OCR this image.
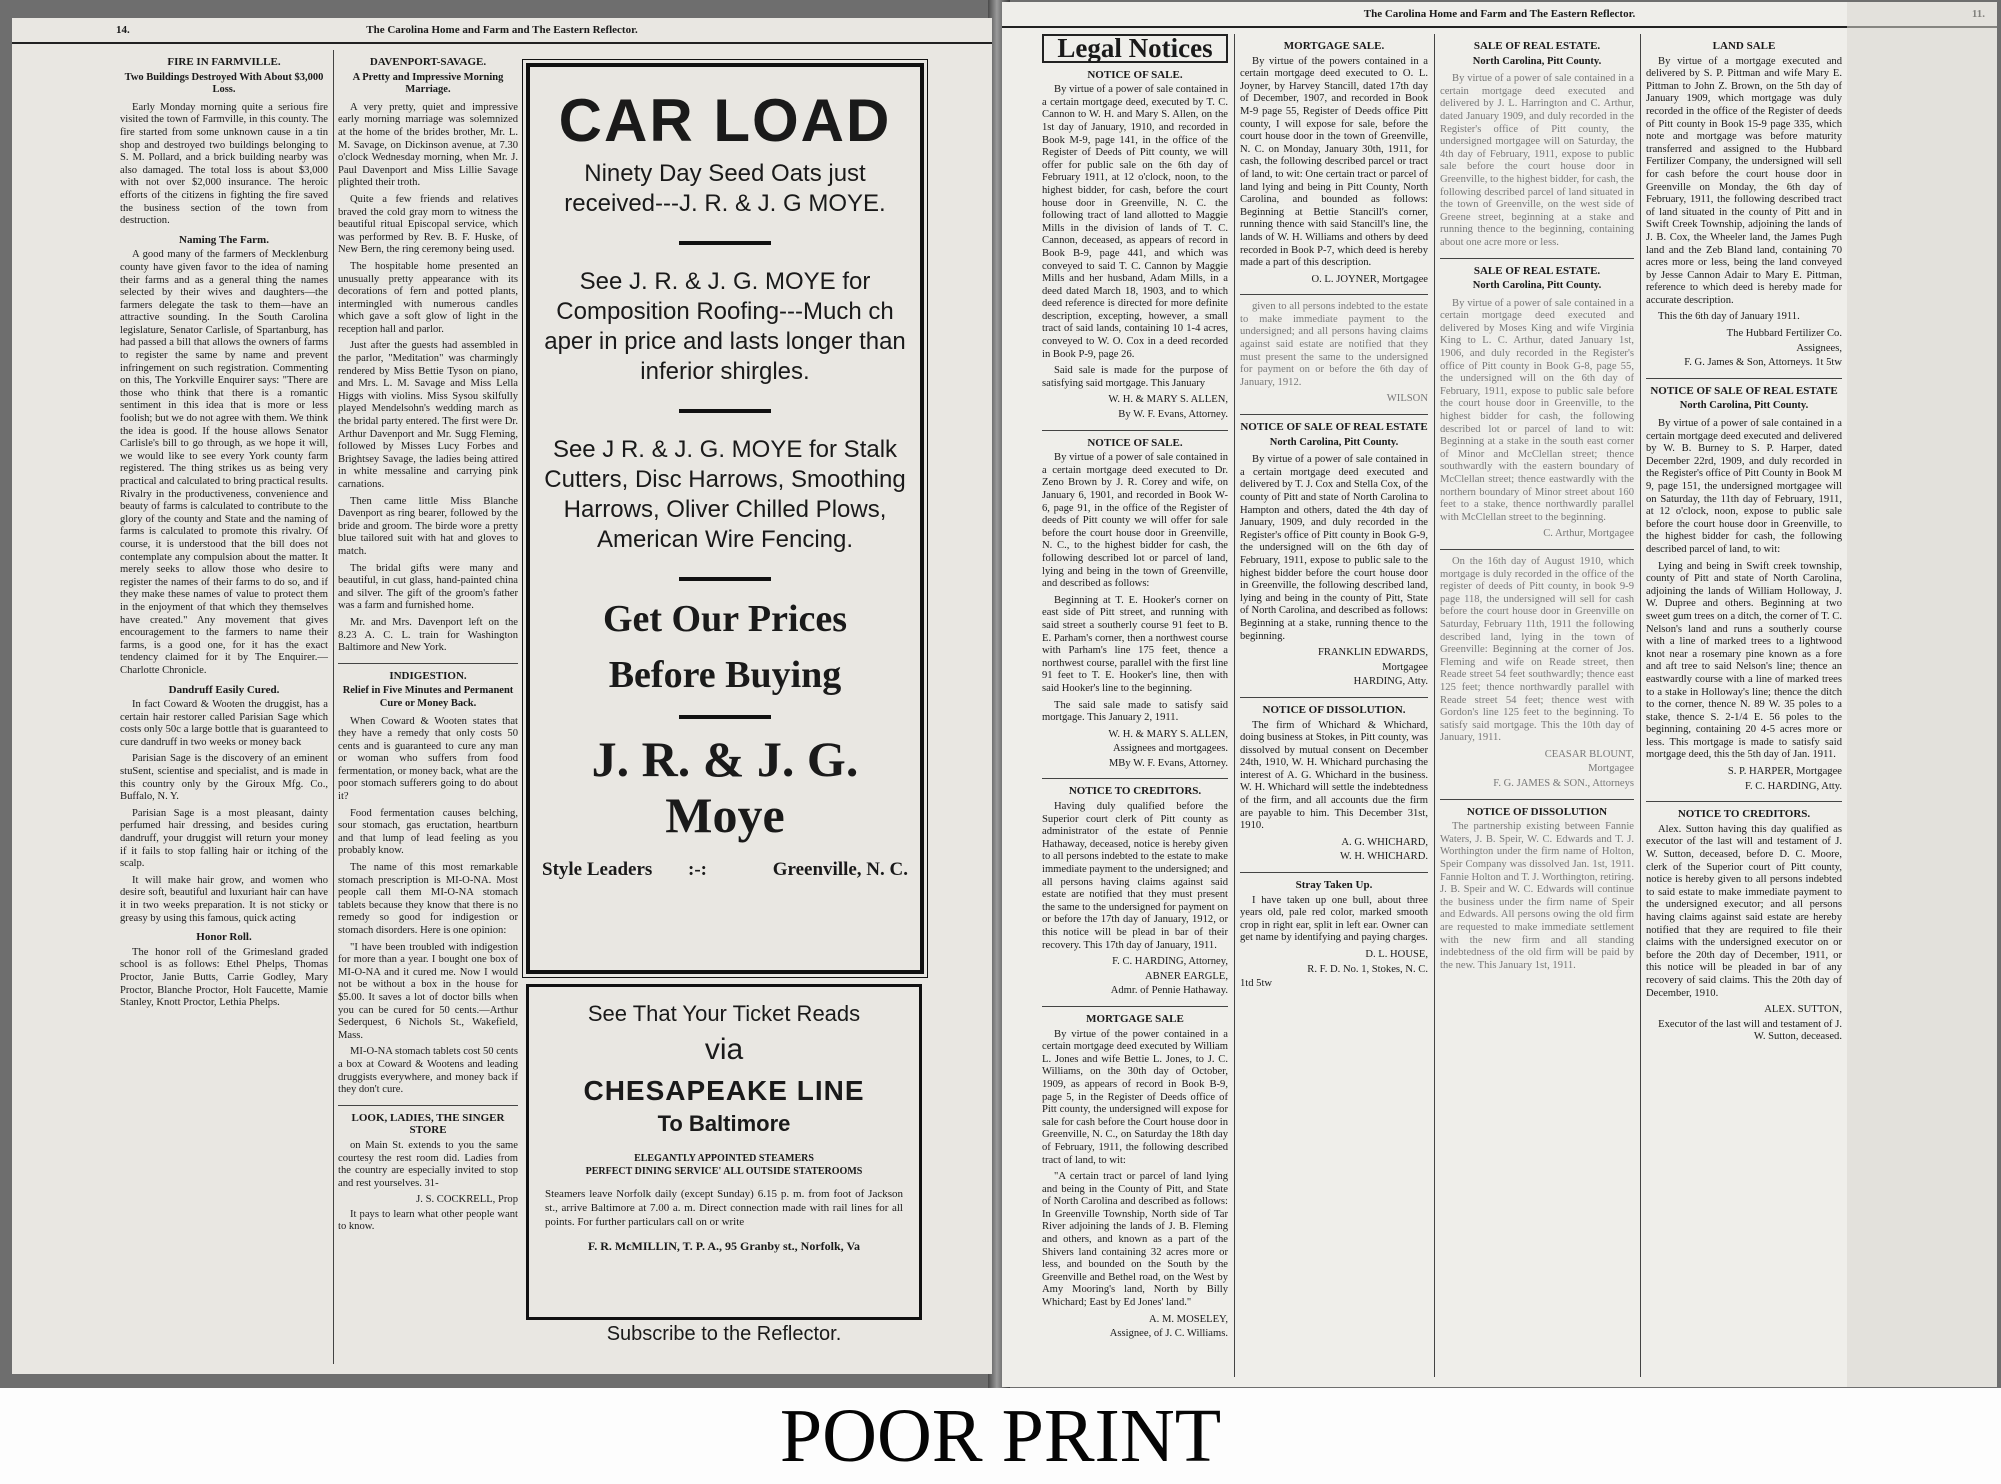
14.	The Carolina Home and Farm and The Eastern Reflector.
FIRE IN FARMVILLE.
Two Buildings Destroyed With About $3,000 Loss.

Early Monday morning quite a serious fire visited the town of Farmville, in this county. The fire started from some unknown cause in a tin shop and destroyed two buildings belonging to S. M. Pollard, and a brick building nearby was also damaged. The total loss is about $3,000 with not over $2,000 insurance. The heroic efforts of the citizens in fighting the fire saved the business section of the town from destruction.

Naming The Farm.

A good many of the farmers of Mecklenburg county have given favor to the idea of naming their farms and as a general thing the names selected by their wives and daughters—the farmers delegate the task to them—have an attractive sounding. In the South Carolina legislature, Senator Carlisle, of Spartanburg, has had passed a bill that allows the owners of farms to register the same by name and prevent infringement on such registration. Commenting on this, The Yorkville Enquirer says: "There are those who think that there is a romantic sentiment in this idea that is more or less foolish; but we do not agree with them. We think the idea is good. If the house allows Senator Carlisle's bill to go through, as we hope it will, we would like to see every York county farm registered. The thing strikes us as being very practical and calculated to bring practical results. Rivalry in the productiveness, convenience and beauty of farms is calculated to contribute to the glory of the county and State and the naming of farms is calculated to promote this rivalry. Of course, it is understood that the bill does not contemplate any compulsion about the matter. It merely seeks to allow those who desire to register the names of their farms to do so, and if they make these names of value to protect them in the enjoyment of that which they themselves have created." Any movement that gives encouragement to the farmers to name their farms, is a good one, for it has the exact tendency claimed for it by The Enquirer.—Charlotte Chronicle.

Dandruff Easily Cured.

In fact Coward & Wooten the druggist, has a certain hair restorer called Parisian Sage which costs only 50c a large bottle that is guaranteed to cure dandruff in two weeks or money back

Parisian Sage is the discovery of an eminent stuSent, scientise and specialist, and is made in this country only by the Giroux Mfg. Co., Buffalo, N. Y.

Parisian Sage is a most pleasant, dainty perfumed hair dressing, and besides curing dandruff, your druggist will return your money if it fails to stop falling hair or itching of the scalp.

It will make hair grow, and women who desire soft, beautiful and luxuriant hair can have it in two weeks preparation. It is not sticky or greasy by using this famous, quick acting

Honor Roll.

The honor roll of the Grimesland graded school is as follows: Ethel Phelps, Thomas Proctor, Janie Butts, Carrie Godley, Mary Proctor, Blanche Proctor, Holt Faucette, Mamie Stanley, Knott Proctor, Lethia Phelps.

DAVENPORT-SAVAGE.
A Pretty and Impressive Morning Marriage.

A very pretty, quiet and impressive early morning marriage was solemnized at the home of the brides brother, Mr. L. M. Savage, on Dickinson avenue, at 7.30 o'clock Wednesday morning, when Mr. J. Paul Davenport and Miss Lillie Savage plighted their troth.

Quite a few friends and relatives braved the cold gray morn to witness the beautiful ritual Episcopal service, which was performed by Rev. B. F. Huske, of New Bern, the ring ceremony being used.

The hospitable home presented an unusually pretty appearance with its decorations of fern and potted plants, intermingled with numerous candles which gave a soft glow of light in the reception hall and parlor.

Just after the guests had assembled in the parlor, "Meditation" was charmingly rendered by Miss Bettie Tyson on piano, and Mrs. L. M. Savage and Miss Lella Higgs with violins. Miss Sysou skilfully played Mendelsohn's wedding march as the bridal party entered. The first were Dr. Arthur Davenport and Mr. Sugg Fleming, followed by Misses Lucy Forbes and Brightsey Savage, the ladies being attired in white messaline and carrying pink carnations.

Then came little Miss Blanche Davenport as ring bearer, followed by the bride and groom. The birde wore a pretty blue tailored suit with hat and gloves to match.

The bridal gifts were many and beautiful, in cut glass, hand-painted china and silver. The gift of the groom's father was a farm and furnished home.

Mr. and Mrs. Davenport left on the 8.23 A. C. L. train for Washington Baltimore and New York.

INDIGESTION.
Relief in Five Minutes and Permanent Cure or Money Back.

When Coward & Wooten states that they have a remedy that only costs 50 cents and is guaranteed to cure any man or woman who suffers from food fermentation, or money back, what are the poor stomach sufferers going to do about it?

Food fermentation causes belching, sour stomach, gas eructation, heartburn and that lump of lead feeling as you probably know.

The name of this most remarkable stomach prescription is MI-O-NA. Most people call them MI-O-NA stomach tablets because they know that there is no remedy so good for indigestion or stomach disorders. Here is one opinion:

"I have been troubled with indigestion for more than a year. I bought one box of MI-O-NA and it cured me. Now I would not be without a box in the house for $5.00. It saves a lot of doctor bills when you can be cured for 50 cents.—Arthur Sederquest, 6 Nichols St., Wakefield, Mass.

MI-O-NA stomach tablets cost 50 cents a box at Coward & Wootens and leading druggists everywhere, and money back if they don't cure.

LOOK, LADIES, THE SINGER STORE

on Main St. extends to you the same courtesy the rest room did. Ladies from the country are especially invited to stop and rest yourselves. 31-

J. S. COCKRELL, Prop

It pays to learn what other people want to know.

CAR LOAD
Ninety Day Seed Oats just received---J. R. & J. G MOYE.
See J. R. & J. G. MOYE for Composition Roofing---Much ch aper in price and lasts longer than inferior shirgles.
See J R. & J. G. MOYE for Stalk Cutters, Disc Harrows, Smoothing Harrows, Oliver Chilled Plows, American Wire Fencing.
Get Our Prices
Before Buying
J. R. & J. G. Moye
Style Leaders :-:	Greenville, N. C.
See That Your Ticket Reads
via
CHESAPEAKE LINE
To Baltimore
ELEGANTLY APPOINTED STEAMERS
PERFECT DINING SERVICE' ALL OUTSIDE STATEROOMS
Steamers leave Norfolk daily (except Sunday) 6.15 p. m. from foot of Jackson st., arrive Baltimore at 7.00 a. m. Direct connection made with rail lines for all points. For further particulars call on or write
F. R. McMILLIN, T. P. A., 95 Granby st., Norfolk, Va
Subscribe to the Reflector.
The Carolina Home and Farm and The Eastern Reflector.
Legal Notices
NOTICE OF SALE.

By virtue of a power of sale contained in a certain mortgage deed, executed by T. C. Cannon to W. H. and Mary S. Allen, on the 1st day of January, 1910, and recorded in Book M-9, page 141, in the office of the Register of Deeds of Pitt county, we will offer for public sale on the 6th day of February 1911, at 12 o'clock, noon, to the highest bidder, for cash, before the court house door in Greenville, N. C. the following tract of land allotted to Maggie Mills in the division of lands of T. C. Cannon, deceased, as appears of record in Book B-9, page 441, and which was conveyed to said T. C. Cannon by Maggie Mills and her husband, Adam Mills, in a deed dated March 18, 1903, and to which deed reference is directed for more definite description, excepting, however, a small tract of said lands, containing 10 1-4 acres, conveyed to W. O. Cox in a deed recorded in Book P-9, page 26.

Said sale is made for the purpose of satisfying said mortgage. This January

W. H. & MARY S. ALLEN,

By W. F. Evans, Attorney.

NOTICE OF SALE.

By virtue of a power of sale contained in a certain mortgage deed executed to Dr. Zeno Brown by J. R. Corey and wife, on January 6, 1901, and recorded in Book W-6, page 91, in the office of the Register of deeds of Pitt county we will offer for sale before the court house door in Greenville, N. C., to the highest bidder for cash, the following described lot or parcel of land, lying and being in the town of Greenville, and described as follows:

Beginning at T. E. Hooker's corner on east side of Pitt street, and running with said street a southerly course 91 feet to B. E. Parham's corner, then a northwest course with Parham's line 175 feet, thence a northwest course, parallel with the first line 91 feet to T. E. Hooker's line, then with said Hooker's line to the beginning.

The said sale made to satisfy said mortgage. This January 2, 1911.

W. H. & MARY S. ALLEN,

Assignees and mortgagees.

MBy W. F. Evans, Attorney.

NOTICE TO CREDITORS.

Having duly qualified before the Superior court clerk of Pitt county as administrator of the estate of Pennie Hathaway, deceased, notice is hereby given to all persons indebted to the estate to make immediate payment to the undersigned; and all persons having claims against said estate are notified that they must present the same to the undersigned for payment on or before the 17th day of January, 1912, or this notice will be plead in bar of their recovery. This 17th day of January, 1911.

F. C. HARDING, Attorney,

ABNER EARGLE,

Admr. of Pennie Hathaway.

MORTGAGE SALE

By virtue of the power contained in a certain mortgage deed executed by William L. Jones and wife Bettie L. Jones, to J. C. Williams, on the 30th day of October, 1909, as appears of record in Book B-9, page 5, in the Register of Deeds office of Pitt county, the undersigned will expose for sale for cash before the Court house door in Greenville, N. C., on Saturday the 18th day of February, 1911, the following described tract of land, to wit:

"A certain tract or parcel of land lying and being in the County of Pitt, and State of North Carolina and described as follows: In Greenville Township, North side of Tar River adjoining the lands of J. B. Fleming and others, and known as a part of the Shivers land containing 32 acres more or less, and bounded on the South by the Greenville and Bethel road, on the West by Amy Mooring's land, North by Billy Whichard; East by Ed Jones' land."

A. M. MOSELEY,

Assignee, of J. C. Williams.

MORTGAGE SALE.

By virtue of the powers contained in a certain mortgage deed executed to O. L. Joyner, by Harvey Stancill, dated 17th day of December, 1907, and recorded in Book M-9 page 55, Register of Deeds office Pitt county, I will expose for sale, before the court house door in the town of Greenville, N. C. on Monday, January 30th, 1911, for cash, the following described parcel or tract of land, to wit: One certain tract or parcel of land lying and being in Pitt County, North Carolina, and bounded as follows: Beginning at Bettie Stancill's corner, running thence with said Stancill's line, the lands of W. H. Williams and others by deed recorded in Book P-7, which deed is hereby made a part of this description.

O. L. JOYNER, Mortgagee

given to all persons indebted to the estate to make immediate payment to the undersigned; and all persons having claims against said estate are notified that they must present the same to the undersigned for payment on or before the 6th day of January, 1912.

WILSON

NOTICE OF SALE OF REAL ESTATE
North Carolina, Pitt County.

By virtue of a power of sale contained in a certain mortgage deed executed and delivered by T. J. Cox and Stella Cox, of the county of Pitt and state of North Carolina to Hampton and others, dated the 4th day of January, 1909, and duly recorded in the Register's office of Pitt county in Book G-9, the undersigned will on the 6th day of February, 1911, expose to public sale to the highest bidder before the court house door in Greenville, the following described land, lying and being in the county of Pitt, State of North Carolina, and described as follows: Beginning at a stake, running thence to the beginning.

FRANKLIN EDWARDS,

Mortgagee

HARDING, Atty.

NOTICE OF DISSOLUTION.

The firm of Whichard & Whichard, doing business at Stokes, in Pitt county, was dissolved by mutual consent on December 24th, 1910, W. H. Whichard purchasing the interest of A. G. Whichard in the business. W. H. Whichard will settle the indebtedness of the firm, and all accounts due the firm are payable to him. This December 31st, 1910.

A. G. WHICHARD,

W. H. WHICHARD.

Stray Taken Up.

I have taken up one bull, about three years old, pale red color, marked smooth crop in right ear, split in left ear. Owner can get name by identifying and paying charges.

D. L. HOUSE,

R. F. D. No. 1, Stokes, N. C.

1td 5tw

SALE OF REAL ESTATE.
North Carolina, Pitt County.

By virtue of a power of sale contained in a certain mortgage deed executed and delivered by J. L. Harrington and C. Arthur, dated January 1909, and duly recorded in the Register's office of Pitt county, the undersigned mortgagee will on Saturday, the 4th day of February, 1911, expose to public sale before the court house door in Greenville, to the highest bidder, for cash, the following described parcel of land situated in the town of Greenville, on the west side of Greene street, beginning at a stake and running thence to the beginning, containing about one acre more or less.

SALE OF REAL ESTATE.
North Carolina, Pitt County.

By virtue of a power of sale contained in a certain mortgage deed executed and delivered by Moses King and wife Virginia King to L. C. Arthur, dated January 1st, 1906, and duly recorded in the Register's office of Pitt county in Book G-8, page 55, the undersigned will on the 6th day of February, 1911, expose to public sale before the court house door in Greenville, to the highest bidder for cash, the following described lot or parcel of land to wit: Beginning at a stake in the south east corner of Minor and McClellan street; thence southwardly with the eastern boundary of McClellan street; thence eastwardly with the northern boundary of Minor street about 160 feet to a stake, thence northwardly parallel with McClellan street to the beginning.

C. Arthur, Mortgagee

On the 16th day of August 1910, which mortgage is duly recorded in the office of the register of deeds of Pitt county, in book 9-9 page 118, the undersigned will sell for cash before the court house door in Greenville on Saturday, February 11th, 1911 the following described land, lying in the town of Greenville: Beginning at the corner of Jos. Fleming and wife on Reade street, then Reade street 54 feet southwardly; thence east 125 feet; thence northwardly parallel with Reade street 54 feet; thence west with Gordon's line 125 feet to the beginning. To satisfy said mortgage. This the 10th day of January, 1911.

CEASAR BLOUNT,

Mortgagee

F. G. JAMES & SON., Attorneys

NOTICE OF DISSOLUTION

The partnership existing between Fannie Waters, J. B. Speir, W. C. Edwards and T. J. Worthington under the firm name of Holton, Speir Company was dissolved Jan. 1st, 1911. Fannie Holton and T. J. Worthington, retiring. J. B. Speir and W. C. Edwards will continue the business under the firm name of Speir and Edwards. All persons owing the old firm are requested to make immediate settlement with the new firm and all standing indebtedness of the old firm will be paid by the new. This January 1st, 1911.

LAND SALE

By virtue of a mortgage executed and delivered by S. P. Pittman and wife Mary E. Pittman to John Z. Brown, on the 5th day of January 1909, which mortgage was duly recorded in the office of the Register of deeds of Pitt county in Book 15-9 page 335, which note and mortgage was before maturity transferred and assigned to the Hubbard Fertilizer Company, the undersigned will sell for cash before the court house door in Greenville on Monday, the 6th day of February, 1911, the following described tract of land situated in the county of Pitt and in Swift Creek Township, adjoining the lands of J. B. Cox, the Wheeler land, the James Pugh land and the Zeb Bland land, containing 70 acres more or less, being the land conveyed by Jesse Cannon Adair to Mary E. Pittman, reference to which deed is hereby made for accurate description.

This the 6th day of January 1911.

The Hubbard Fertilizer Co.

Assignees,

F. G. James & Son, Attorneys. 1t 5tw

NOTICE OF SALE OF REAL ESTATE
North Carolina, Pitt County.

By virtue of a power of sale contained in a certain mortgage deed executed and delivered by W. B. Burney to S. P. Harper, dated December 22rd, 1909, and duly recorded in the Register's office of Pitt County in Book M 9, page 151, the undersigned mortgagee will on Saturday, the 11th day of February, 1911, at 12 o'clock, noon, expose to public sale before the court house door in Greenville, to the highest bidder for cash, the following described parcel of land, to wit:

Lying and being in Swift creek township, county of Pitt and state of North Carolina, adjoining the lands of William Holloway, J. W. Dupree and others. Beginning at two sweet gum trees on a ditch, the corner of T. C. Nelson's land and runs a southerly course with a line of marked trees to a lightwood knot near a rosemary pine known as a fore and aft tree to said Nelson's line; thence an eastwardly course with a line of marked trees to a stake in Holloway's line; thence the ditch to the corner, thence N. 89 W. 35 poles to a stake, thence S. 2-1/4 E. 56 poles to the beginning, containing 20 4-5 acres more or less. This mortgage is made to satisfy said mortgage deed, this the 5th day of Jan. 1911.

S. P. HARPER, Mortgagee

F. C. HARDING, Atty.

NOTICE TO CREDITORS.

Alex. Sutton having this day qualified as executor of the last will and testament of J. W. Sutton, deceased, before D. C. Moore, clerk of the Superior court of Pitt county, notice is hereby given to all persons indebted to said estate to make immediate payment to the undersigned executor; and all persons having claims against said estate are hereby notified that they are required to file their claims with the undersigned executor on or before the 20th day of December, 1911, or this notice will be pleaded in bar of any recovery of said claims. This the 20th day of December, 1910.

ALEX. SUTTON,

Executor of the last will and testament of J. W. Sutton, deceased.

POOR PRINT
